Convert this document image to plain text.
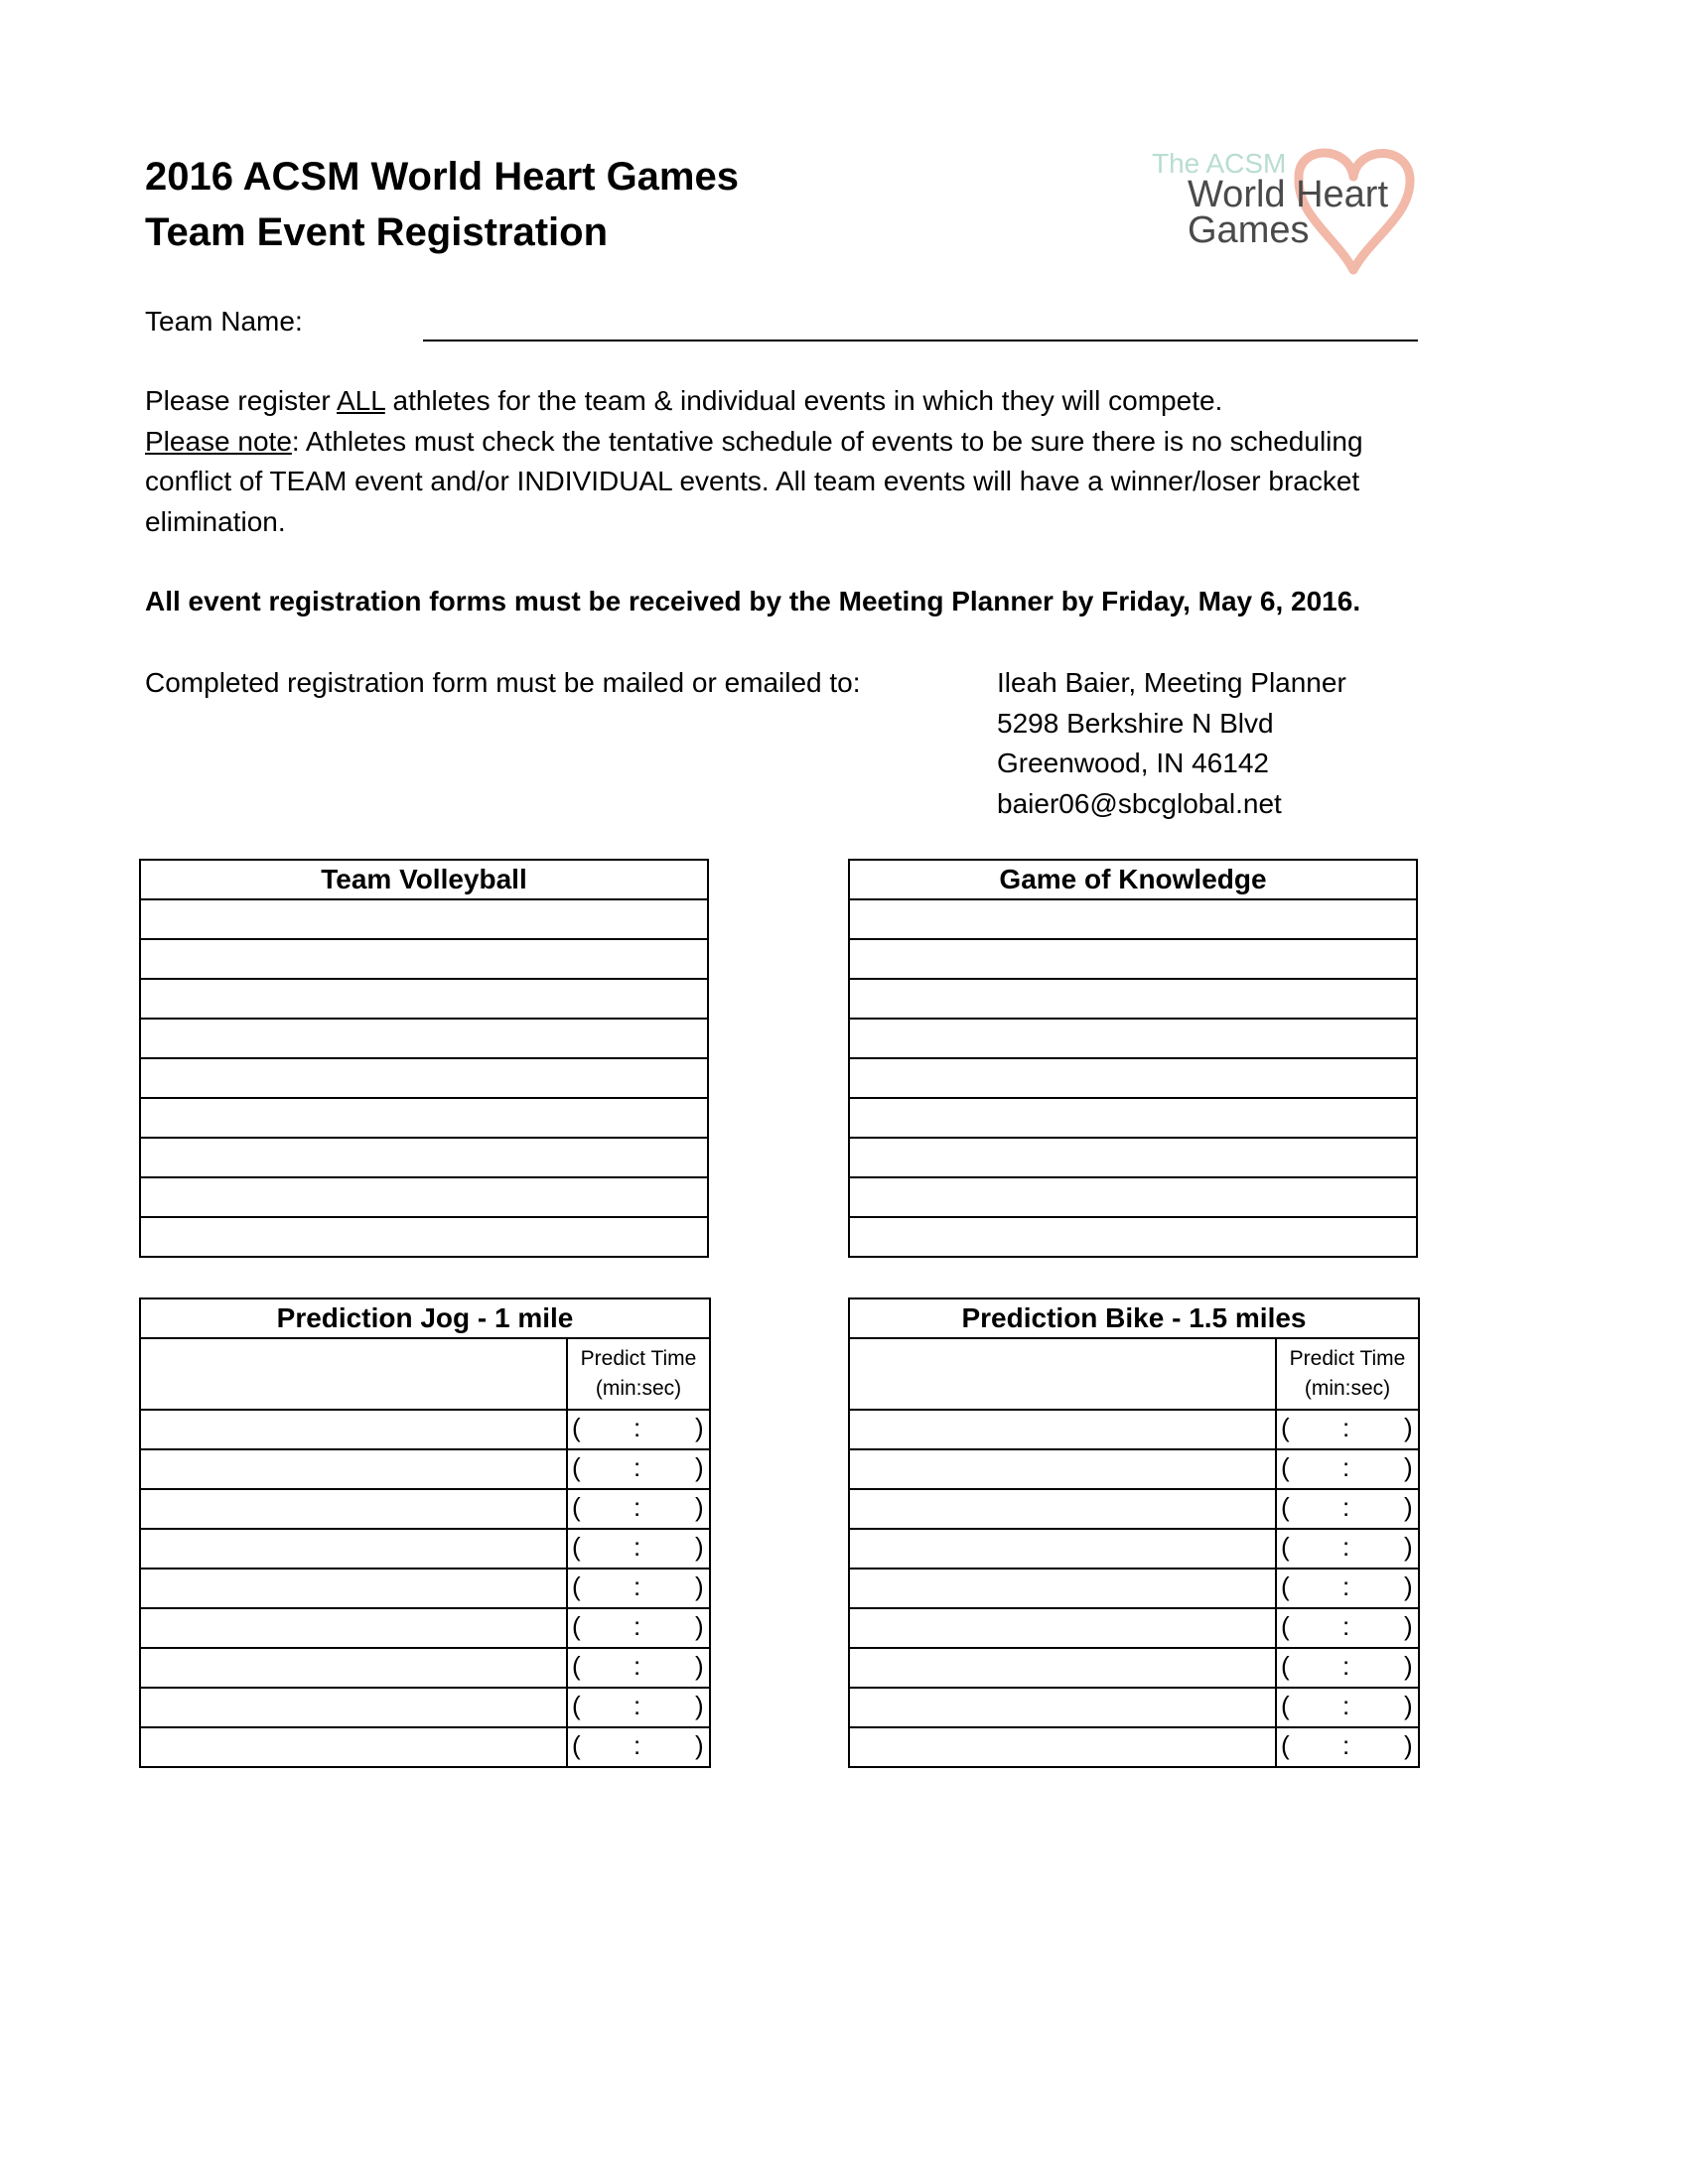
2016 ACSM World Heart Games
Team Event Registration
The ACSM
World Heart
Games
Team Name:
Please register ALL athletes for the team & individual events in which they will compete.
Please note: Athletes must check the tentative schedule of events to be sure there is no scheduling
conflict of TEAM event and/or INDIVIDUAL events. All team events will have a winner/loser bracket
elimination.
All event registration forms must be received by the Meeting Planner by Friday, May 6, 2016.
Completed registration form must be mailed or emailed to:	Ileah Baier, Meeting Planner
5298 Berkshire N Blvd
Greenwood, IN 46142
baier06@sbcglobal.net
Team Volleyball	Game of Knowledge

Prediction Jog - 1 mile	

	Predict Time
(min:sec)

	( : )

	( : )

	( : )

	( : )

	( : )

	( : )

	( : )

	( : )

	( : )
Prediction Bike - 1.5 miles	

	Predict Time
(min:sec)

	( : )

	( : )

	( : )

	( : )

	( : )

	( : )

	( : )

	( : )

	( : )
